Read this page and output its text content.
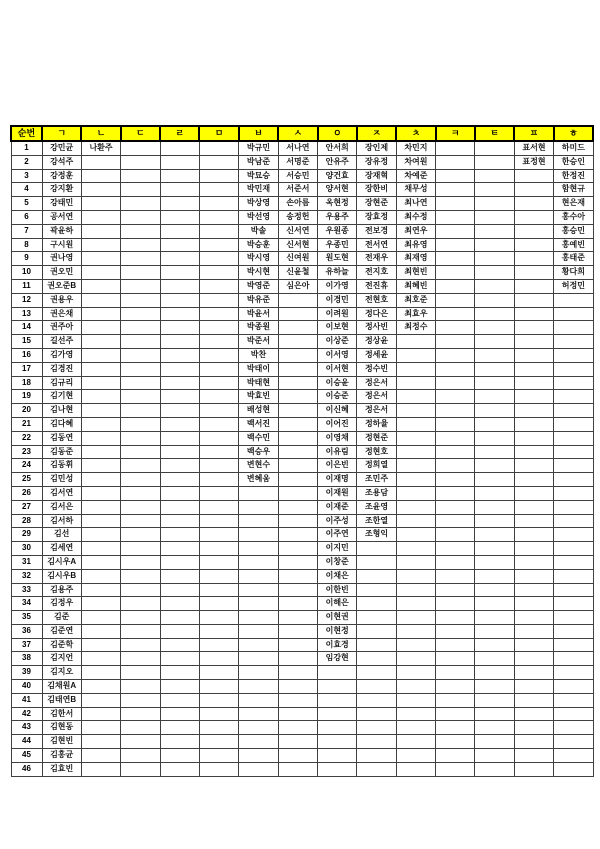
순번	ㄱ	ㄴ	ㄷ	ㄹ	ㅁ	ㅂ	ㅅ	ㅇ	ㅈ	ㅊ	ㅋ	ㅌ	ㅍ	ㅎ
1	강민균	나환주				박규민	서나연	안서희	장인제	차민지			표서현	하미드
2	강석주					박남준	서명준	안유주	장유정	차여원			표정현	한승인
3	강정훈					박묘승	서승민	양건효	장재혁	차예준				한정진
4	강지환					박민재	서준서	양서현	장한비	채무성				함현규
5	강태민					박상영	손아름	옥현정	장현준	최나연				현은재
6	공서연					박선영	송정헌	우용주	장효정	최수정				홍수아
7	곽윤하					박솔	신서연	우원종	전보경	최연우				홍승민
8	구시원					박승훈	신서현	우종민	전서연	최유영				홍예빈
9	권나영					박시영	신여원	원도현	전재우	최재영				홍태준
10	권오민					박시현	신윤철	유하늘	전지호	최현빈				황다희
11	권오준B					박영준	심은아	이가영	전진휴	최혜빈				허정민
12	권용우					박유준		이경민	전현호	최호준				
13	권은채					박윤서		이려원	정다은	최효우				
14	권주아					박종원		이보현	정사빈	최정수				
15	길선주					박준서		이상준	정상윤					
16	김가영					박찬		이서영	정세윤					
17	김경진					박태이		이서현	정수빈					
18	김규리					박태현		이승윤	정은서					
19	김기현					박효빈		이승준	정은서					
20	김나현					배성현		이신혜	정은서					
21	김다혜					백서진		이어진	정하율					
22	김동연					백수민		이영채	정현준					
23	김동준					백승우		이유림	정현호					
24	김동휘					변현수		이은빈	정희열					
25	김민성					변혜움		이재명	조민주					
26	김서연							이재원	조용담					
27	김서은							이재준	조윤영					
28	김서하							이주성	조한열					
29	김선							이주연	조형익					
30	김세연							이지민						
31	김시우A							이창준						
32	김시우B							이채은						
33	김용주							이한빈						
34	김정우							이해은						
35	김준							이현권						
36	김준연							이현정						
37	김준학							이효경						
38	김지언							임강현						
39	김지오													
40	김채원A													
41	김태연B													
42	김한서													
43	김현동													
44	김현빈													
45	김홍균													
46	김효빈													
